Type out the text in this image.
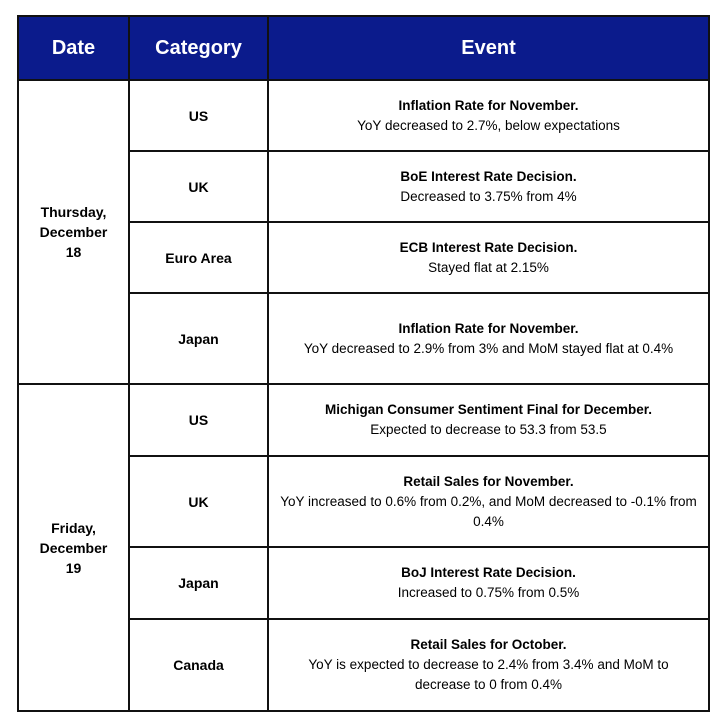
Date	Category	Event

Thursday,
December
18	US	Inflation Rate for November.
YoY decreased to 2.7%, below expectations

	UK	BoE Interest Rate Decision.
Decreased to 3.75% from 4%

	Euro Area	ECB Interest Rate Decision.
Stayed flat at 2.15%

	Japan	Inflation Rate for November.
YoY decreased to 2.9% from 3% and MoM stayed flat at 0.4%

Friday,
December
19	US	Michigan Consumer Sentiment Final for December.
Expected to decrease to 53.3 from 53.5

	UK	Retail Sales for November.
YoY increased to 0.6% from 0.2%, and MoM decreased to -0.1% from 0.4%

	Japan	BoJ Interest Rate Decision.
Increased to 0.75% from 0.5%

	Canada	Retail Sales for October.
YoY is expected to decrease to 2.4% from 3.4% and MoM to decrease to 0 from 0.4%
